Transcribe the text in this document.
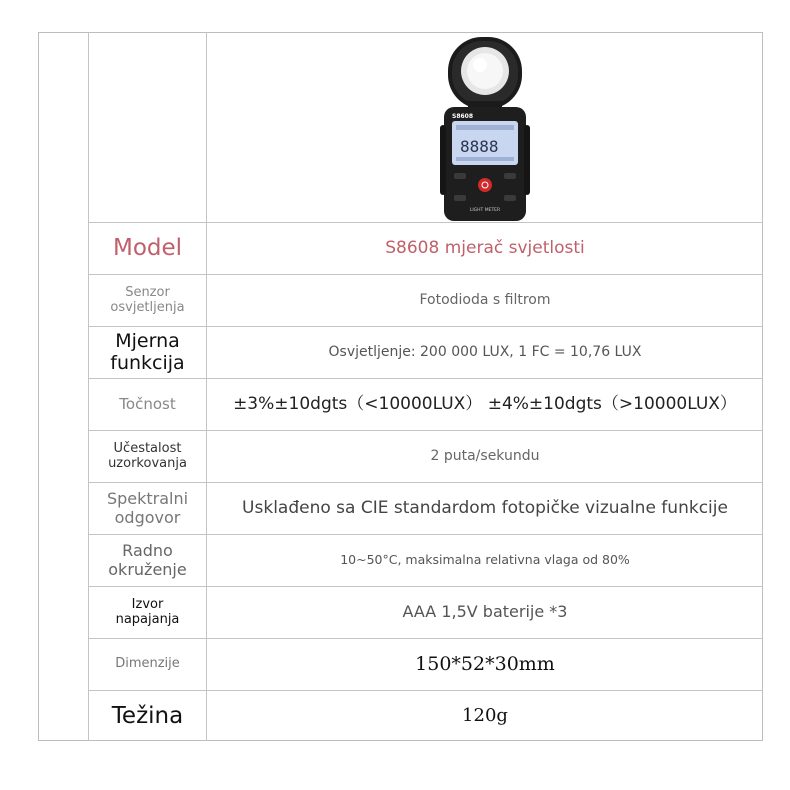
S8608
8888
LIGHT METER
Model	S8608 mjerač svjetlosti
Senzor osvjetljenja	Fotodioda s filtrom
Mjerna funkcija	Osvjetljenje: 200 000 LUX, 1 FC = 10,76 LUX
Točnost	±3%±10dgts（<10000LUX） ±4%±10dgts（>10000LUX）
Učestalost uzorkovanja	2 puta/sekundu
Spektralni odgovor	Usklađeno sa CIE standardom fotopičke vizualne funkcije
Radno okruženje	10~50°C, maksimalna relativna vlaga od 80%
Izvor napajanja	AAA 1,5V baterije *3
Dimenzije	150*52*30mm
Težina	120g
